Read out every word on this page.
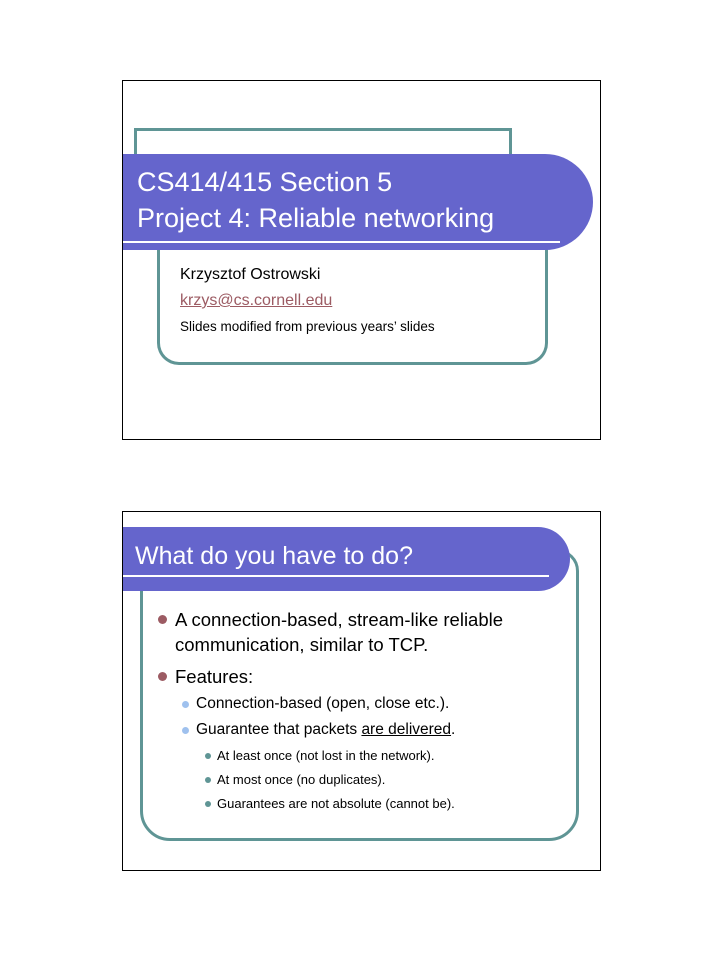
CS414/415 Section 5
Project 4: Reliable networking
Krzysztof Ostrowski
krzys@cs.cornell.edu
Slides modified from previous years’ slides
What do you have to do?
A connection-based, stream-like reliable
communication, similar to TCP.
Features:
Connection-based (open, close etc.).
Guarantee that packets are delivered.
At least once (not lost in the network).
At most once (no duplicates).
Guarantees are not absolute (cannot be).
